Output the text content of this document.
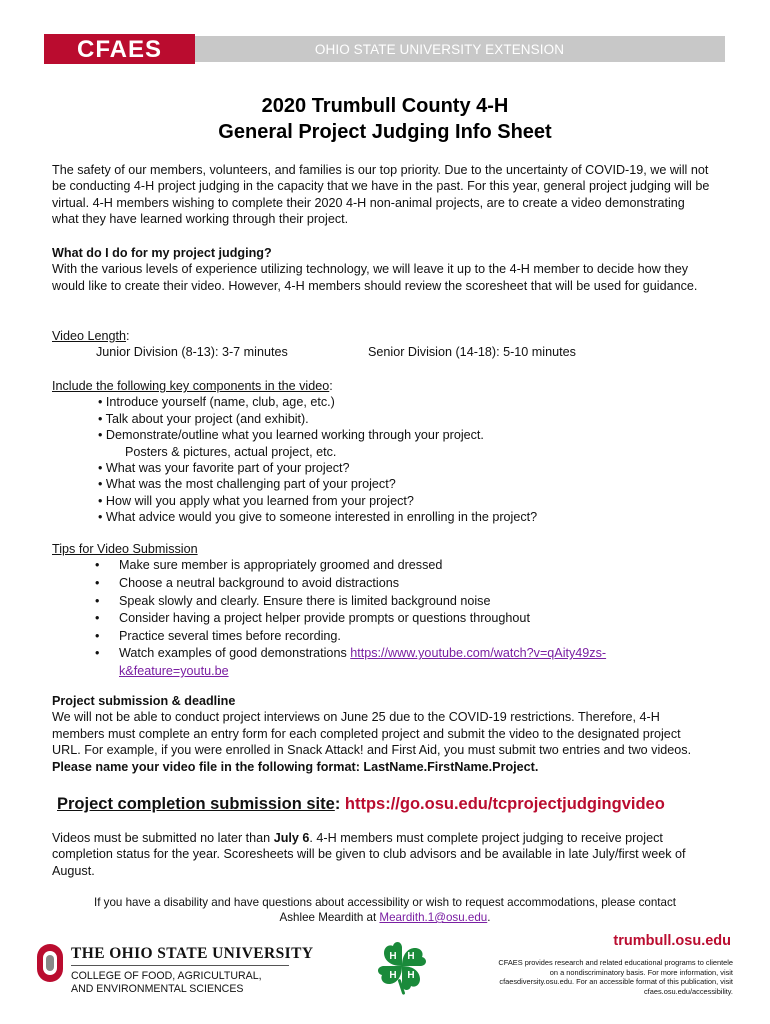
OHIO STATE UNIVERSITY EXTENSION
CFAES
2020 Trumbull County 4-H
General Project Judging Info Sheet

The safety of our members, volunteers, and families is our top priority. Due to the uncertainty of COVID-19, we will not be conducting 4-H project judging in the capacity that we have in the past. For this year, general project judging will be virtual. 4-H members wishing to complete their 2020 4-H non-animal projects, are to create a video demonstrating what they have learned working through their project.

What do I do for my project judging?

With the various levels of experience utilizing technology, we will leave it up to the 4-H member to decide how they would like to create their video. However, 4-H members should review the scoresheet that will be used for guidance.

Video Length:

Junior Division (8-13): 3-7 minutes	Senior Division (14-18): 5-10 minutes

Include the following key components in the video:

• Introduce yourself (name, club, age, etc.)
• Talk about your project (and exhibit).
• Demonstrate/outline what you learned working through your project.
Posters & pictures, actual project, etc.
• What was your favorite part of your project?
• What was the most challenging part of your project?
• How will you apply what you learned from your project?
• What advice would you give to someone interested in enrolling in the project?

Tips for Video Submission

• Make sure member is appropriately groomed and dressed
• Choose a neutral background to avoid distractions
• Speak slowly and clearly. Ensure there is limited background noise
• Consider having a project helper provide prompts or questions throughout
• Practice several times before recording.
• Watch examples of good demonstrations https://www.youtube.com/watch?v=qAity49zs-k&feature=youtu.be

Project submission & deadline

We will not be able to conduct project interviews on June 25 due to the COVID-19 restrictions. Therefore, 4-H members must complete an entry form for each completed project and submit the video to the designated project URL. For example, if you were enrolled in Snack Attack! and First Aid, you must submit two entries and two videos. Please name your video file in the following format: LastName.FirstName.Project.

Project completion submission site: https://go.osu.edu/tcprojectjudgingvideo

Videos must be submitted no later than July 6. 4-H members must complete project judging to receive project completion status for the year. Scoresheets will be given to club advisors and be available in late July/first week of August.

If you have a disability and have questions about accessibility or wish to request accommodations, please contact

Ashlee Meardith at Meardith.1@osu.edu.

THE OHIO STATE UNIVERSITY
COLLEGE OF FOOD, AGRICULTURAL,
AND ENVIRONMENTAL SCIENCES
H H
H
H
trumbull.osu.edu
CFAES provides research and related educational programs to clientele on a nondiscriminatory basis. For more information, visit cfaesdiversity.osu.edu. For an accessible format of this publication, visit cfaes.osu.edu/accessibility.
